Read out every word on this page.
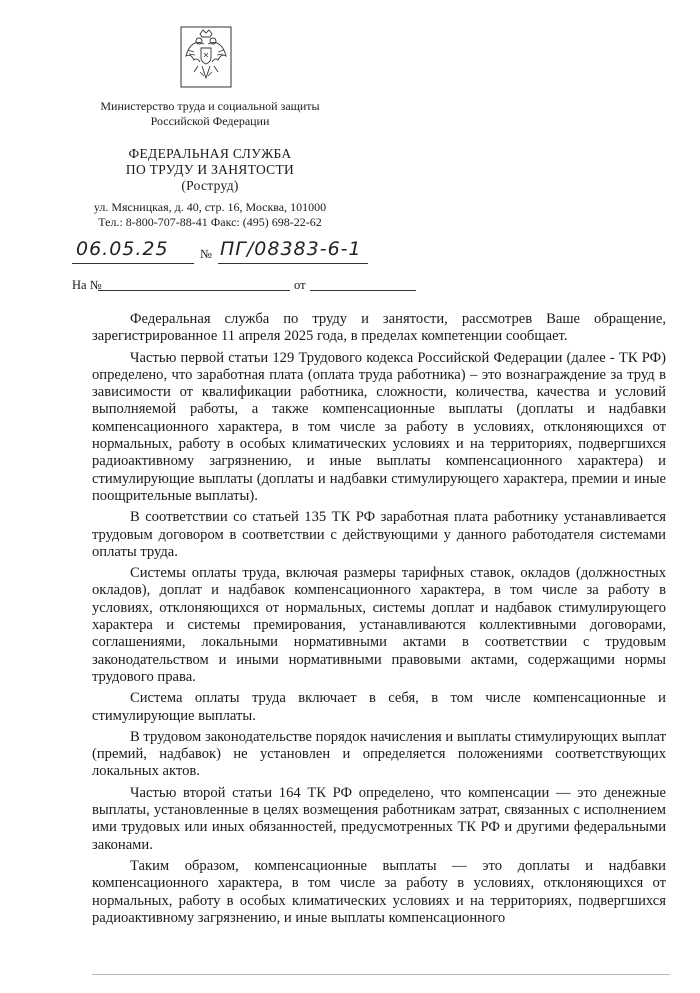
Министерство труда и социальной защиты
Российской Федерации
ФЕДЕРАЛЬНАЯ СЛУЖБА
ПО ТРУДУ И ЗАНЯТОСТИ
(Роструд)
ул. Мясницкая, д. 40, стр. 16, Москва, 101000
Тел.: 8-800-707-88-41 Факс: (495) 698-22-62
06.05.25	№ ПГ/08383-6-1
На №	от

Федеральная служба по труду и занятости, рассмотрев Ваше обращение, зарегистрированное 11 апреля 2025 года, в пределах компетенции сообщает.

Частью первой статьи 129 Трудового кодекса Российской Федерации (далее - ТК РФ) определено, что заработная плата (оплата труда работника) – это вознаграждение за труд в зависимости от квалификации работника, сложности, количества, качества и условий выполняемой работы, а также компенсационные выплаты (доплаты и надбавки компенсационного характера, в том числе за работу в условиях, отклоняющихся от нормальных, работу в особых климатических условиях и на территориях, подвергшихся радиоактивному загрязнению, и иные выплаты компенсационного характера) и стимулирующие выплаты (доплаты и надбавки стимулирующего характера, премии и иные поощрительные выплаты).

В соответствии со статьей 135 ТК РФ заработная плата работнику устанавливается трудовым договором в соответствии с действующими у данного работодателя системами оплаты труда.

Системы оплаты труда, включая размеры тарифных ставок, окладов (должностных окладов), доплат и надбавок компенсационного характера, в том числе за работу в условиях, отклоняющихся от нормальных, системы доплат и надбавок стимулирующего характера и системы премирования, устанавливаются коллективными договорами, соглашениями, локальными нормативными актами в соответствии с трудовым законодательством и иными нормативными правовыми актами, содержащими нормы трудового права.

Система оплаты труда включает в себя, в том числе компенсационные и стимулирующие выплаты.

В трудовом законодательстве порядок начисления и выплаты стимулирующих выплат (премий, надбавок) не установлен и определяется положениями соответствующих локальных актов.

Частью второй статьи 164 ТК РФ определено, что компенсации — это денежные выплаты, установленные в целях возмещения работникам затрат, связанных с исполнением ими трудовых или иных обязанностей, предусмотренных ТК РФ и другими федеральными законами.

Таким образом, компенсационные выплаты — это доплаты и надбавки компенсационного характера, в том числе за работу в условиях, отклоняющихся от нормальных, работу в особых климатических условиях и на территориях, подвергшихся радиоактивному загрязнению, и иные выплаты компенсационного
